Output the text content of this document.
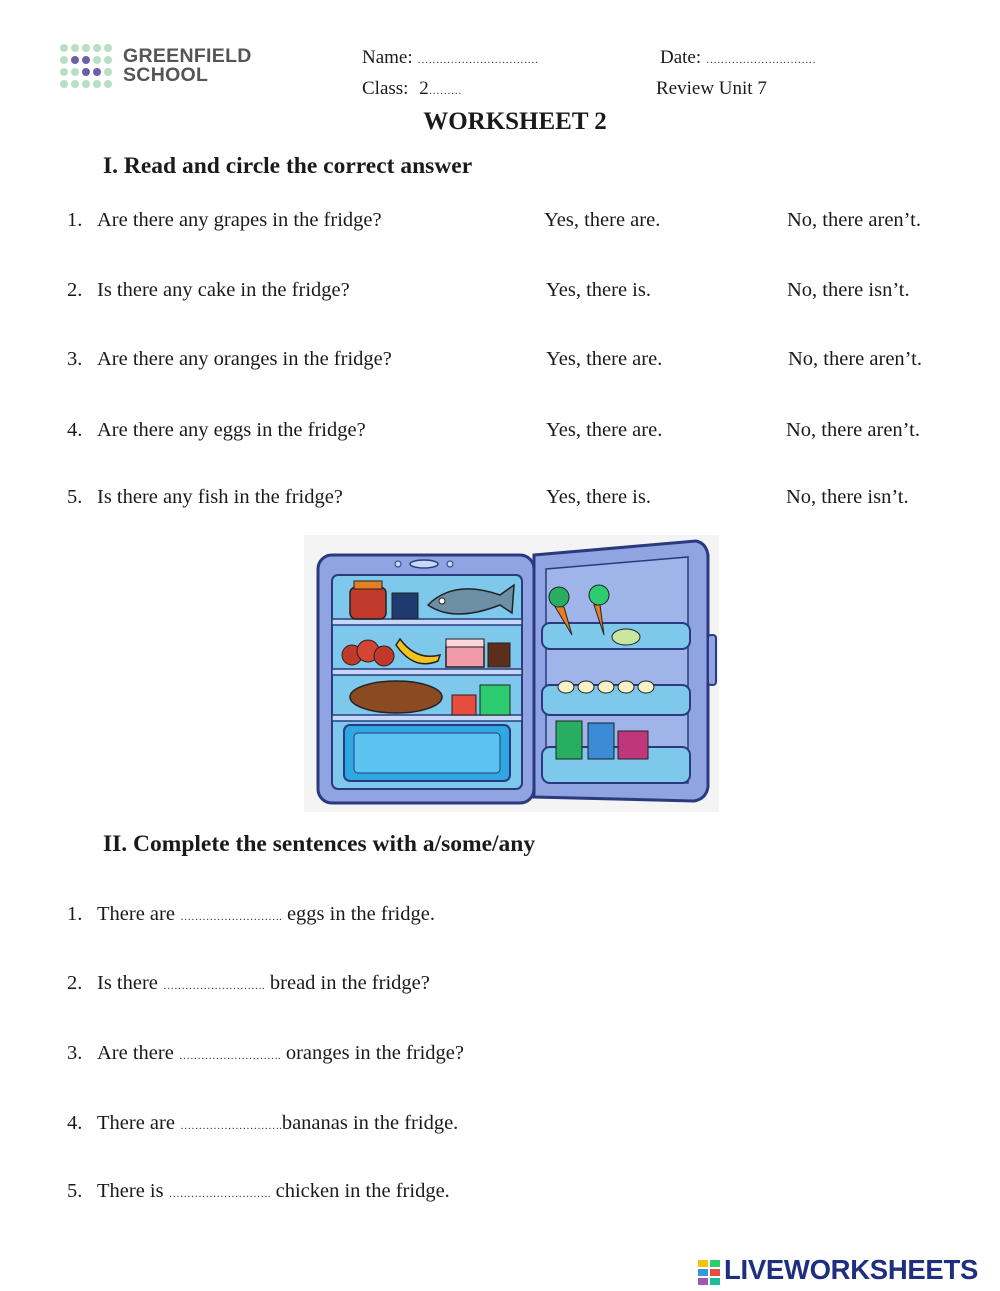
GREENFIELD
SCHOOL
Name: ……………………………	Date: …………………………
Class: 2………	Review Unit 7
WORKSHEET 2
I. Read and circle the correct answer
1. Are there any grapes in the fridge?	Yes, there are.	No, there aren’t.
2. Is there any cake in the fridge?	Yes, there is.	No, there isn’t.
3. Are there any oranges in the fridge?	Yes, there are.	No, there aren’t.
4. Are there any eggs in the fridge?	Yes, there are.	No, there aren’t.
5. Is there any fish in the fridge?	Yes, there is.	No, there isn’t.
II. Complete the sentences with a/some/any
1. There are ………………………. eggs in the fridge.
2. Is there ………………………. bread in the fridge?
3. Are there ………………………. oranges in the fridge?
4. There are ……………………….bananas in the fridge.
5. There is ………………………. chicken in the fridge.
LIVEWORKSHEETS
